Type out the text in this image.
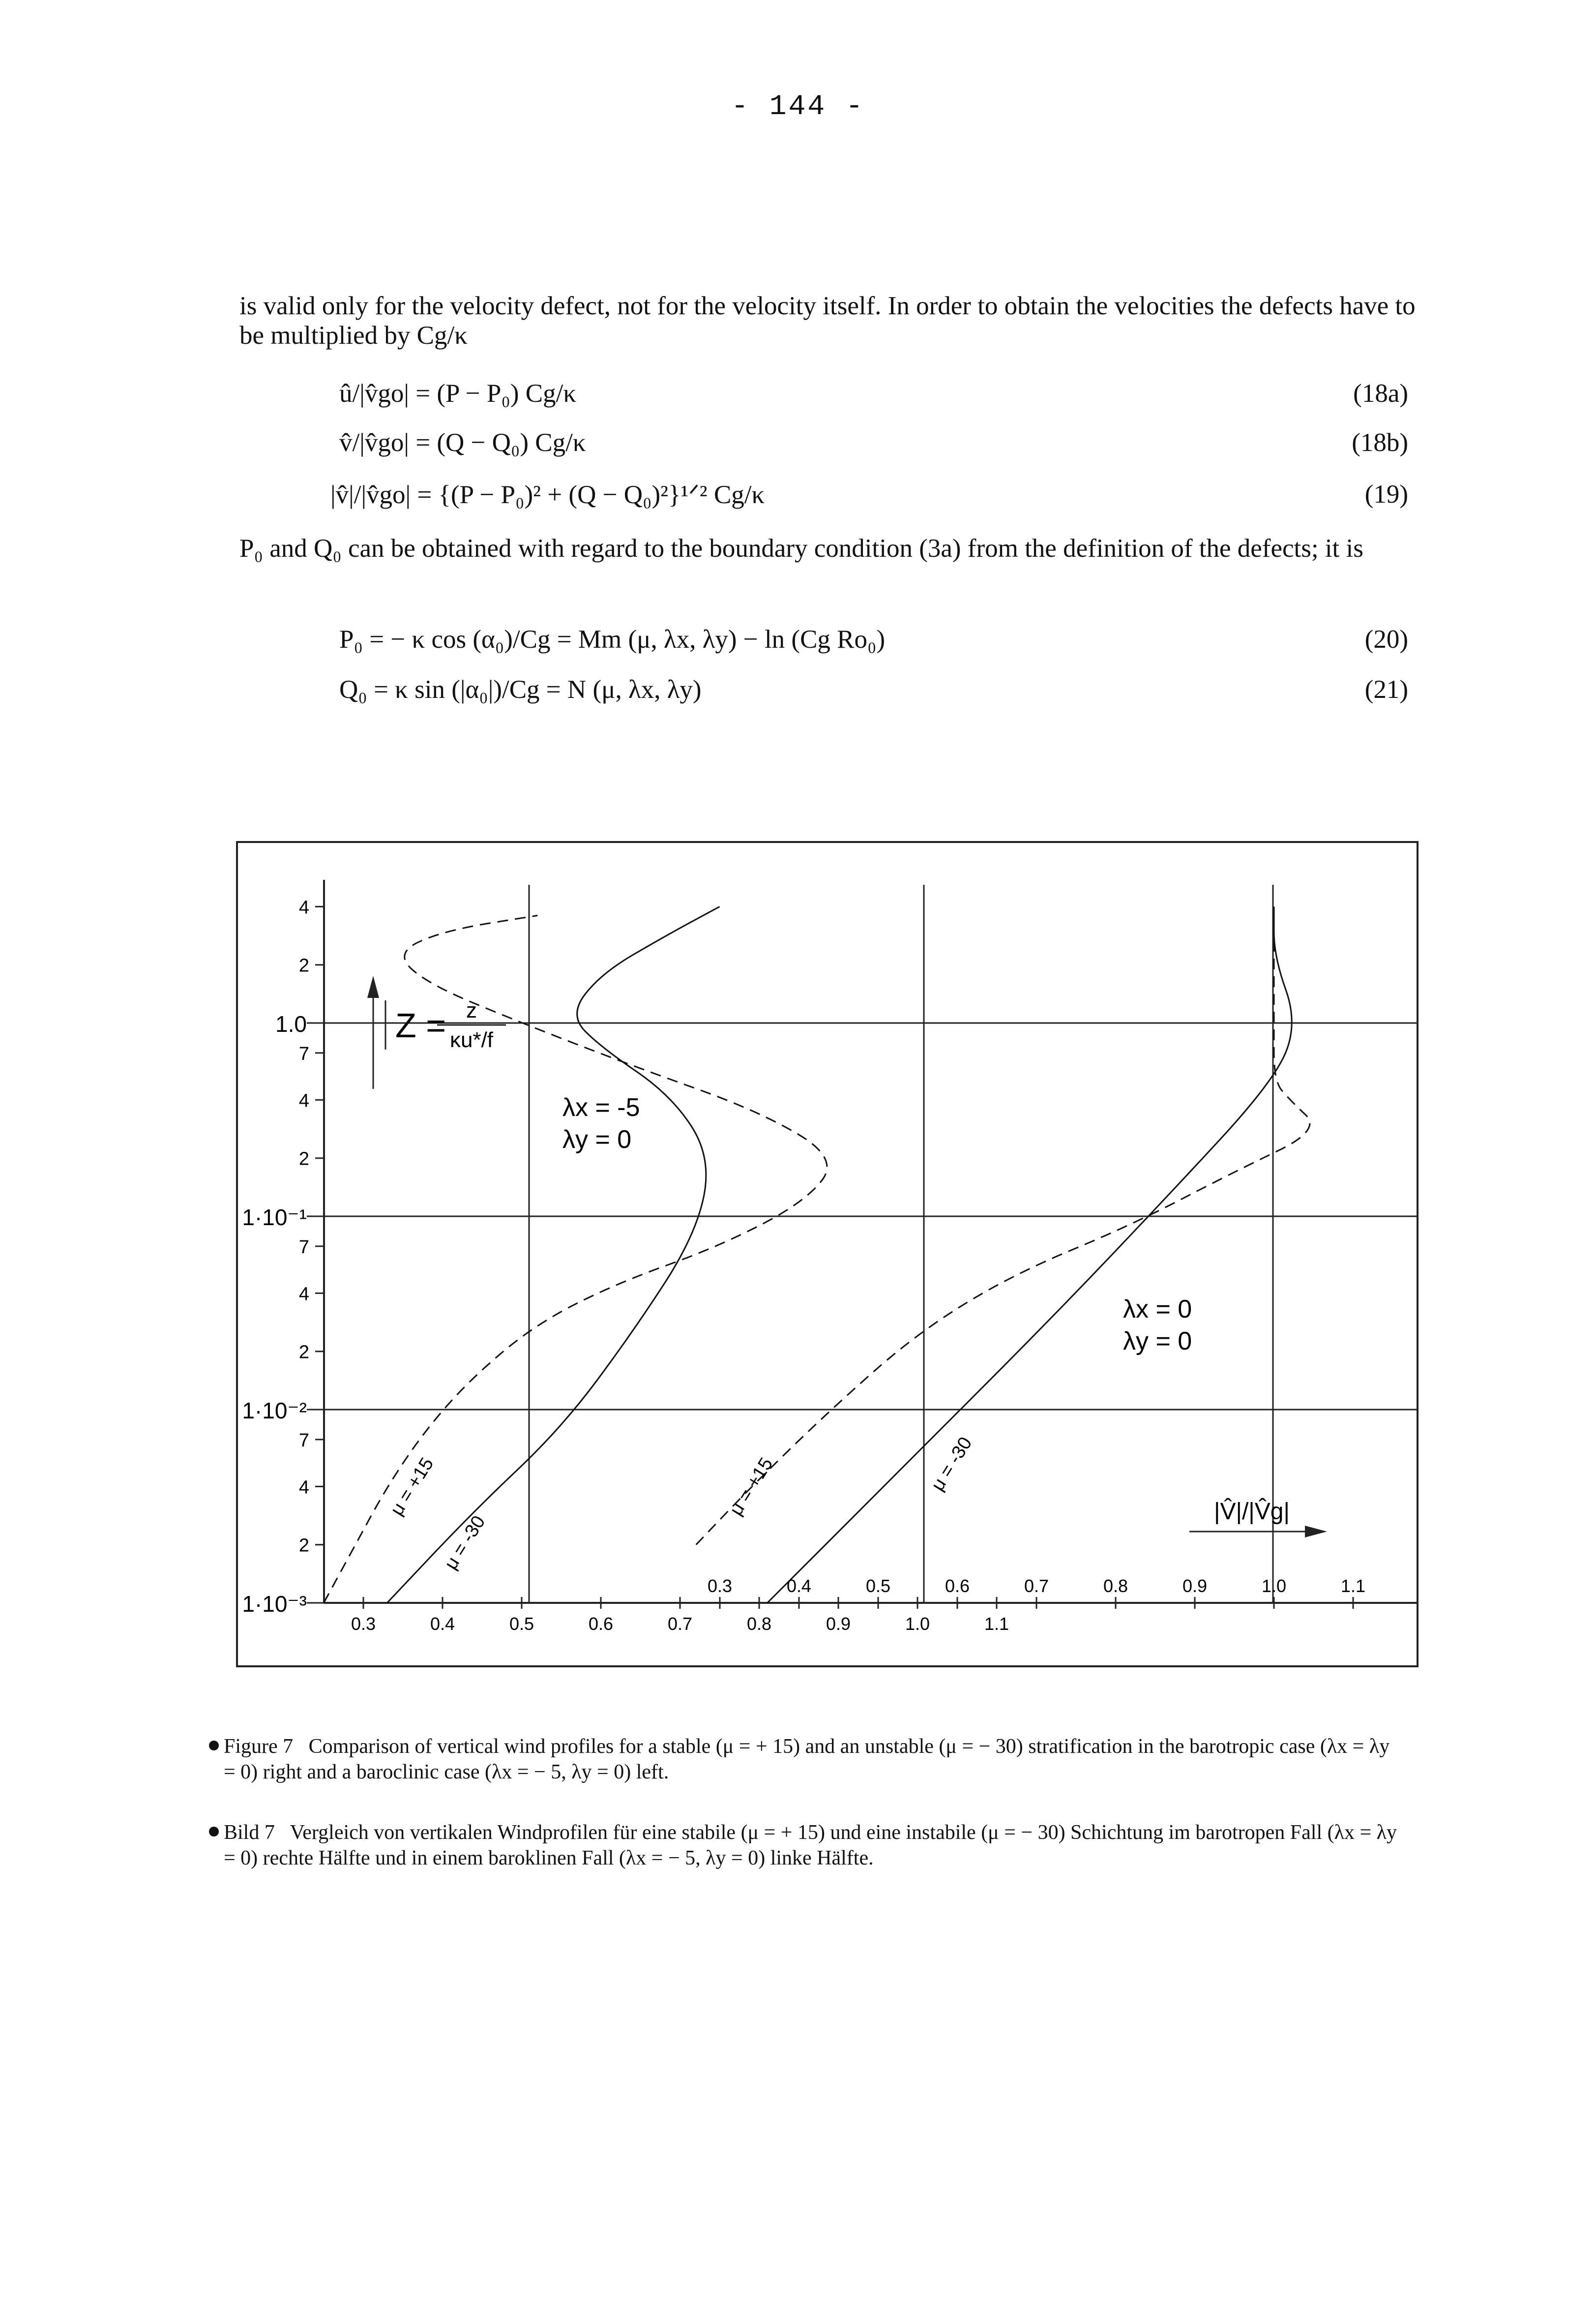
- 144 -
is valid only for the velocity defect, not for the velocity itself. In order to obtain the velocities the defects have to be multiplied by Cg/κ
û/|v̂go| = (P − P₀) Cg/κ	(18a)
v̂/|v̂go| = (Q − Q₀) Cg/κ	(18b)
|v̂|/|v̂go| = {(P − P₀)² + (Q − Q₀)²}¹ᐟ² Cg/κ	(19)
P₀ and Q₀ can be obtained with regard to the boundary condition (3a) from the definition of the defects; it is
P₀ = − κ cos (α₀)/Cg = Mm (μ, λx, λy) − ln (Cg Ro₀)	(20)
Q₀ = κ sin (|α₀|)/Cg = N (μ, λx, λy)	(21)
4
2
7
4
2
7
4
2
7
4
2
1.0
1·10⁻¹
1·10⁻²
1·10⁻³
Z = z
κu*/f
0.3	0.4	0.5	0.6	0.7	0.8	0.9	1.0	1.1
0.3	0.4	0.5	0.6	0.7	0.8	0.9	1.0	1.1
μ = +15
μ = -30
μ = +15	μ = -30
λx = -5
λy = 0
λx = 0
λy = 0
|V̂|/|V̂g|
Figure 7 Comparison of vertical wind profiles for a stable (μ = + 15) and an unstable (μ = − 30) stratification in the barotropic case (λx = λy = 0) right and a baroclinic case (λx = − 5, λy = 0) left.
Bild 7 Vergleich von vertikalen Windprofilen für eine stabile (μ = + 15) und eine instabile (μ = − 30) Schichtung im barotropen Fall (λx = λy = 0) rechte Hälfte und in einem baroklinen Fall (λx = − 5, λy = 0) linke Hälfte.
